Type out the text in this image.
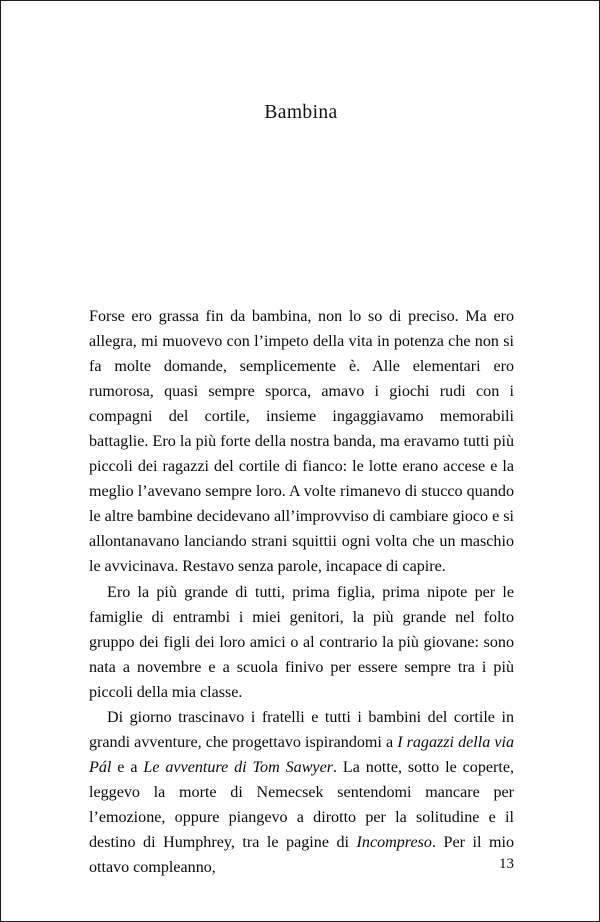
Bambina

Forse ero grassa fin da bambina, non lo so di preciso. Ma ero allegra, mi muovevo con l’impeto della vita in potenza che non si fa molte domande, semplicemente è. Alle elementari ero rumorosa, quasi sempre sporca, amavo i giochi rudi con i compagni del cortile, insieme ingaggiavamo memorabili battaglie. Ero la più forte della nostra banda, ma eravamo tutti più piccoli dei ragazzi del cortile di fianco: le lotte erano accese e la meglio l’avevano sempre loro. A volte rimanevo di stucco quando le altre bambine decidevano all’improvviso di cambiare gioco e si allontanavano lanciando strani squittii ogni volta che un maschio le avvicinava. Restavo senza parole, incapace di capire.

Ero la più grande di tutti, prima figlia, prima nipote per le famiglie di entrambi i miei genitori, la più grande nel folto gruppo dei figli dei loro amici o al contrario la più giovane: sono nata a novembre e a scuola finivo per essere sempre tra i più piccoli della mia classe.

Di giorno trascinavo i fratelli e tutti i bambini del cortile in grandi avventure, che progettavo ispirandomi a I ragazzi della via Pál e a Le avventure di Tom Sawyer. La notte, sotto le coperte, leggevo la morte di Nemecsek sentendomi mancare per l’emozione, oppure piangevo a dirotto per la solitudine e il destino di Humphrey, tra le pagine di Incompreso. Per il mio ottavo compleanno,	13
